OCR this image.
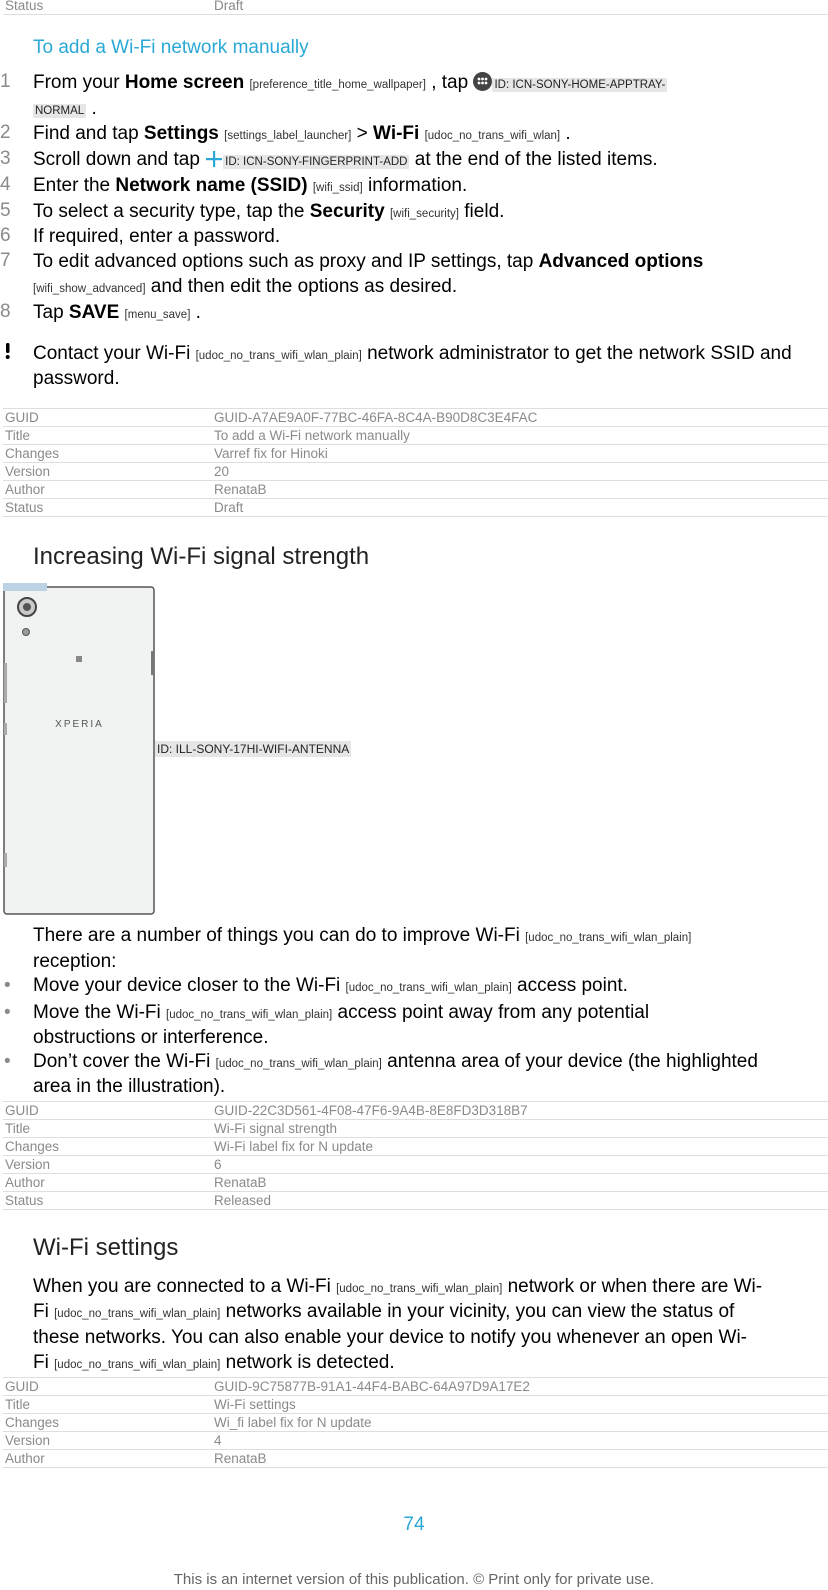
Status	Draft
To add a Wi-Fi network manually
1 From your Home screen [preference_title_home_wallpaper] , tap
ID: ICN-SONY-HOME-APPTRAY-
NORMAL .
2 Find and tap Settings [settings_label_launcher] > Wi-Fi [udoc_no_trans_wifi_wlan] .
3 Scroll down and tap
ID: ICN-SONY-FINGERPRINT-ADD at the end of the listed items.
4 Enter the Network name (SSID) [wifi_ssid] information.
5 To select a security type, tap the Security [wifi_security] field.
6 If required, enter a password.
7 To edit advanced options such as proxy and IP settings, tap Advanced options
[wifi_show_advanced] and then edit the options as desired.
8 Tap SAVE [menu_save] .
Contact your Wi-Fi [udoc_no_trans_wifi_wlan_plain] network administrator to get the network SSID and
password.
GUID	GUID-A7AE9A0F-77BC-46FA-8C4A-B90D8C3E4FAC
Title	To add a Wi-Fi network manually
Changes	Varref fix for Hinoki
Version	20
Author	RenataB
Status	Draft
Increasing Wi-Fi signal strength
XPERIA
ID: ILL-SONY-17HI-WIFI-ANTENNA
There are a number of things you can do to improve Wi-Fi [udoc_no_trans_wifi_wlan_plain]
reception:
• Move your device closer to the Wi-Fi [udoc_no_trans_wifi_wlan_plain] access point.
• Move the Wi-Fi [udoc_no_trans_wifi_wlan_plain] access point away from any potential
obstructions or interference.
• Don’t cover the Wi-Fi [udoc_no_trans_wifi_wlan_plain] antenna area of your device (the highlighted
area in the illustration).
GUID	GUID-22C3D561-4F08-47F6-9A4B-8E8FD3D318B7
Title	Wi-Fi signal strength
Changes	Wi-Fi label fix for N update
Version	6
Author	RenataB
Status	Released
Wi-Fi settings
When you are connected to a Wi-Fi [udoc_no_trans_wifi_wlan_plain] network or when there are Wi-
Fi [udoc_no_trans_wifi_wlan_plain] networks available in your vicinity, you can view the status of
these networks. You can also enable your device to notify you whenever an open Wi-
Fi [udoc_no_trans_wifi_wlan_plain] network is detected.
GUID	GUID-9C75877B-91A1-44F4-BABC-64A97D9A17E2
Title	Wi-Fi settings
Changes	Wi_fi label fix for N update
Version	4
Author	RenataB
74
This is an internet version of this publication. © Print only for private use.
